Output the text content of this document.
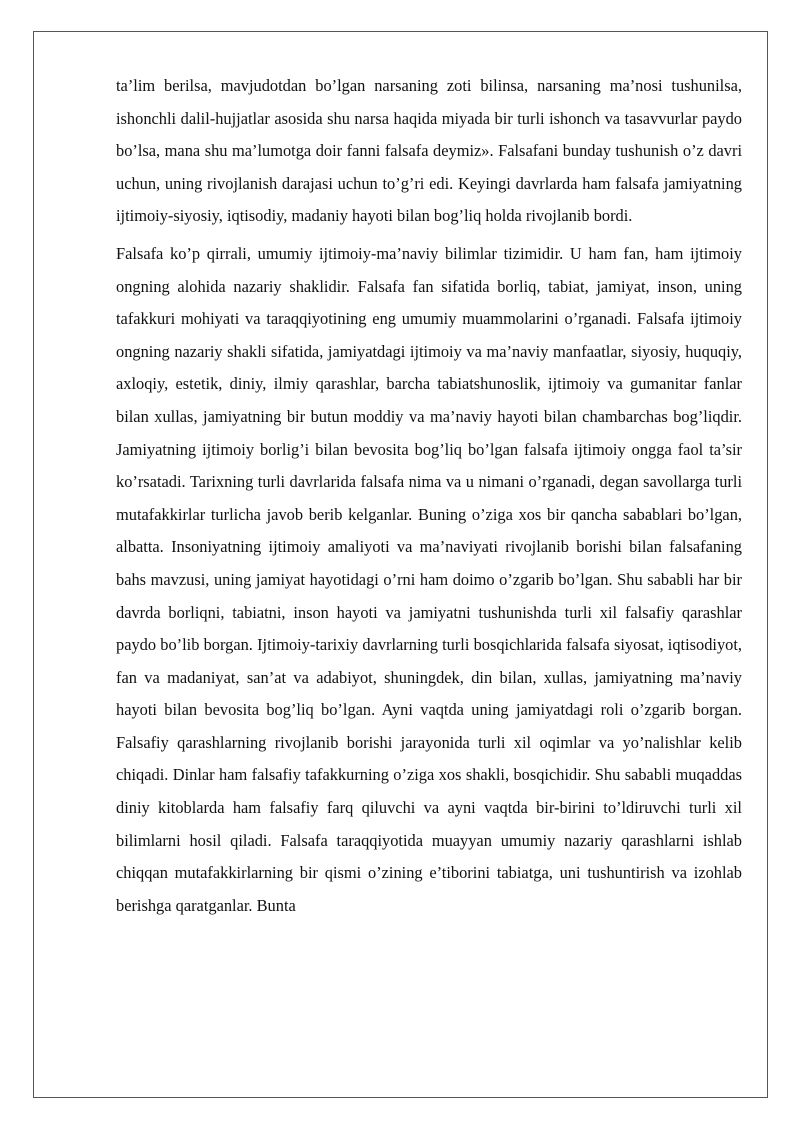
ta’lim berilsa, mavjudotdan bo’lgan narsaning zoti bilinsa, narsaning ma’nosi tushunilsa, ishonchli dalil-hujjatlar asosida shu narsa haqida miyada bir turli ishonch va tasavvurlar paydo bo’lsa, mana shu ma’lumotga doir fanni falsafa deymiz». Falsafani bunday tushunish o’z davri uchun, uning rivojlanish darajasi uchun to’g’ri edi. Keyingi davrlarda ham falsafa jamiyatning ijtimoiy-siyosiy, iqtisodiy, madaniy hayoti bilan bog’liq holda rivojlanib bordi.

Falsafa ko’p qirrali, umumiy ijtimoiy-ma’naviy bilimlar tizimidir. U ham fan, ham ijtimoiy ongning alohida nazariy shaklidir. Falsafa fan sifatida borliq, tabiat, jamiyat, inson, uning tafakkuri mohiyati va taraqqiyotining eng umumiy muammolarini o’rganadi. Falsafa ijtimoiy ongning nazariy shakli sifatida, jamiyatdagi ijtimoiy va ma’naviy manfaatlar, siyosiy, huquqiy, axloqiy, estetik, diniy, ilmiy qarashlar, barcha tabiatshunoslik, ijtimoiy va gumanitar fanlar bilan xullas, jamiyatning bir butun moddiy va ma’naviy hayoti bilan chambarchas bog’liqdir. Jamiyatning ijtimoiy borlig’i bilan bevosita bog’liq bo’lgan falsafa ijtimoiy ongga faol ta’sir ko’rsatadi. Tarixning turli davrlarida falsafa nima va u nimani o’rganadi, degan savollarga turli mutafakkirlar turlicha javob berib kelganlar. Buning o’ziga xos bir qancha sabablari bo’lgan, albatta. Insoniyatning ijtimoiy amaliyoti va ma’naviyati rivojlanib borishi bilan falsafaning bahs mavzusi, uning jamiyat hayotidagi o’rni ham doimo o’zgarib bo’lgan. Shu sababli har bir davrda borliqni, tabiatni, inson hayoti va jamiyatni tushunishda turli xil falsafiy qarashlar paydo bo’lib borgan. Ijtimoiy-tarixiy davrlarning turli bosqichlarida falsafa siyosat, iqtisodiyot, fan va madaniyat, san’at va adabiyot, shuningdek, din bilan, xullas, jamiyatning ma’naviy hayoti bilan bevosita bog’liq bo’lgan. Ayni vaqtda uning jamiyatdagi roli o’zgarib borgan. Falsafiy qarashlarning rivojlanib borishi jarayonida turli xil oqimlar va yo’nalishlar kelib chiqadi. Dinlar ham falsafiy tafakkurning o’ziga xos shakli, bosqichidir. Shu sababli muqaddas diniy kitoblarda ham falsafiy farq qiluvchi va ayni vaqtda bir-birini to’ldiruvchi turli xil bilimlarni hosil qiladi. Falsafa taraqqiyotida muayyan umumiy nazariy qarashlarni ishlab chiqqan mutafakkirlarning bir qismi o’zining e’tiborini tabiatga, uni tushuntirish va izohlab berishga qaratganlar. Bunta
